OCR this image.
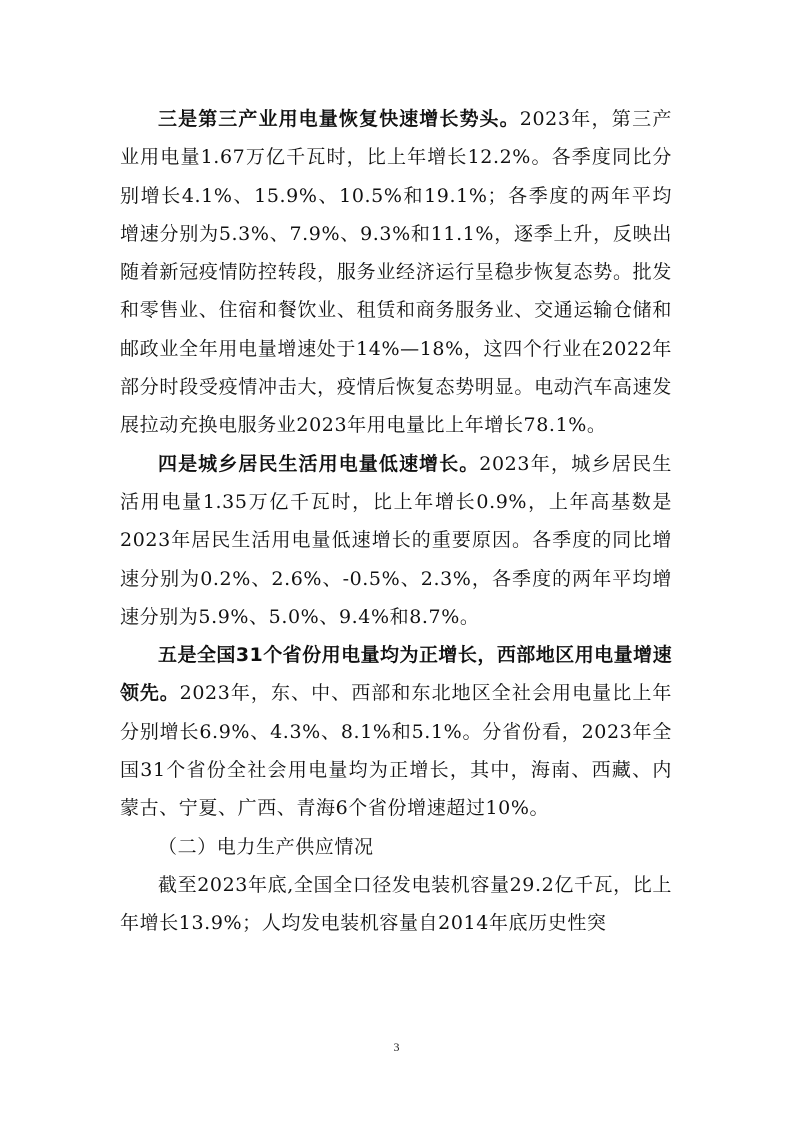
三是第三产业用电量恢复快速增长势头。2023年，第三产业用电量1.67万亿千瓦时，比上年增长12.2%。各季度同比分别增长4.1%、15.9%、10.5%和19.1%；各季度的两年平均增速分别为5.3%、7.9%、9.3%和11.1%，逐季上升，反映出随着新冠疫情防控转段，服务业经济运行呈稳步恢复态势。批发和零售业、住宿和餐饮业、租赁和商务服务业、交通运输仓储和邮政业全年用电量增速处于14%—18%，这四个行业在2022年部分时段受疫情冲击大，疫情后恢复态势明显。电动汽车高速发展拉动充换电服务业2023年用电量比上年增长78.1%。

四是城乡居民生活用电量低速增长。2023年，城乡居民生活用电量1.35万亿千瓦时，比上年增长0.9%，上年高基数是2023年居民生活用电量低速增长的重要原因。各季度的同比增速分别为0.2%、2.6%、-0.5%、2.3%，各季度的两年平均增速分别为5.9%、5.0%、9.4%和8.7%。

五是全国31个省份用电量均为正增长，西部地区用电量增速领先。2023年，东、中、西部和东北地区全社会用电量比上年分别增长6.9%、4.3%、8.1%和5.1%。分省份看，2023年全国31个省份全社会用电量均为正增长，其中，海南、西藏、内蒙古、宁夏、广西、青海6个省份增速超过10%。

（二）电力生产供应情况

截至2023年底,全国全口径发电装机容量29.2亿千瓦，比上年增长13.9%；人均发电装机容量自2014年底历史性突

3
